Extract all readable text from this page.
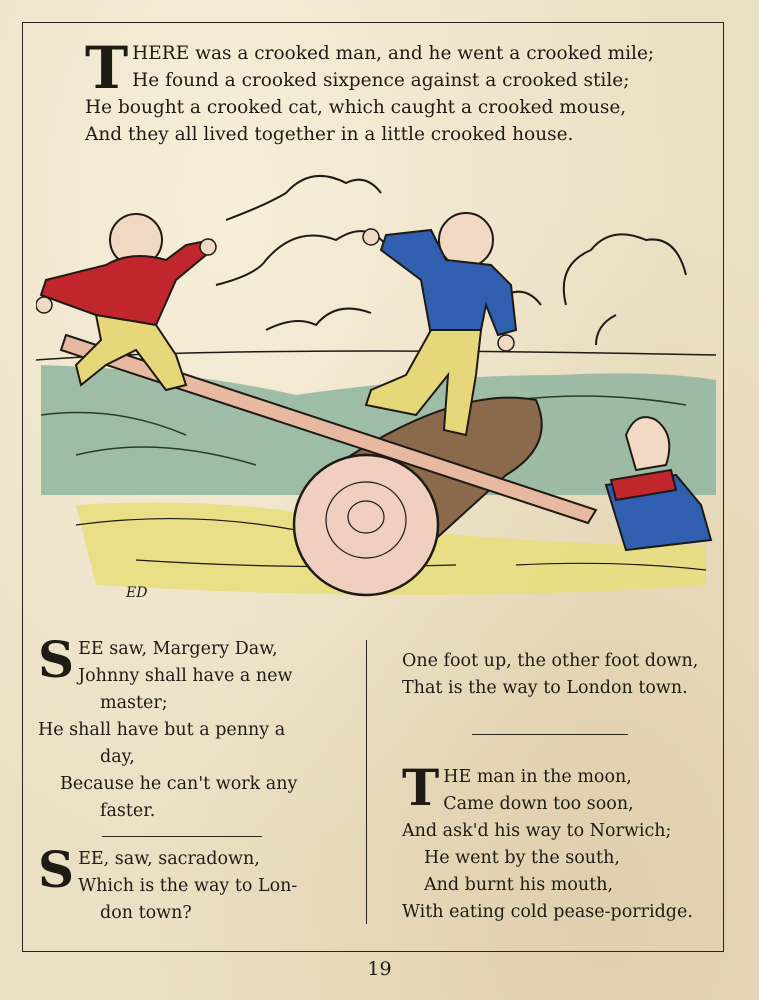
T HERE was a crooked man, and he went a crooked mile;
He found a crooked sixpence against a crooked stile;
He bought a crooked cat, which caught a crooked mouse,
And they all lived together in a little crooked house.
ED
S EE saw, Margery Daw,
Johnny shall have a new
master;
He shall have but a penny a
day,
Because he can't work any
faster.
S EE, saw, sacradown,
Which is the way to Lon-
don town?
One foot up, the other foot down,
That is the way to London town.
T HE man in the moon,
Came down too soon,
And ask'd his way to Norwich;
He went by the south,
And burnt his mouth,
With eating cold pease-porridge.
19
